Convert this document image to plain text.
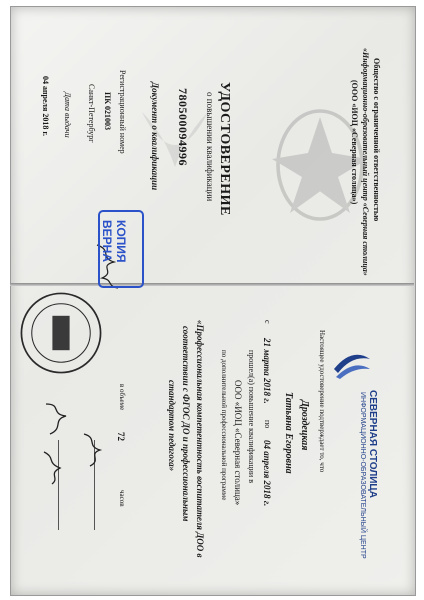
Общество с ограниченной ответственностью
«Информационно-образовательный центр «Северная столица»
(ООО «ИОЦ «Северная столица»)
УДОСТОВЕРЕНИЕ
о повышении квалификации
780500094996
Документ о квалификации
Регистрационный номер
ПК 021003
Санкт-Петербург
Дата выдачи
04 апреля 2018 г.
КОПИЯ
ВЕРНА
СЕВЕРНАЯ СТОЛИЦА
ИНФОРМАЦИОННО-ОБРАЗОВАТЕЛЬНЫЙ ЦЕНТР
Настоящее удостоверение подтверждает то, что
Дроздецкая
Татьяна Егоровна
с
21 марта 2018 г.
по
04 апреля 2018 г.
прошел(а) повышение квалификации в
ООО «ИОЦ «Северная столица»
по дополнительной профессиональной программе
«Профессиональная компетентность воспитателя ДОО в
соответствии с ФГОС ДО и профессиональным
стандартом педагога»
в объеме
72
часов
